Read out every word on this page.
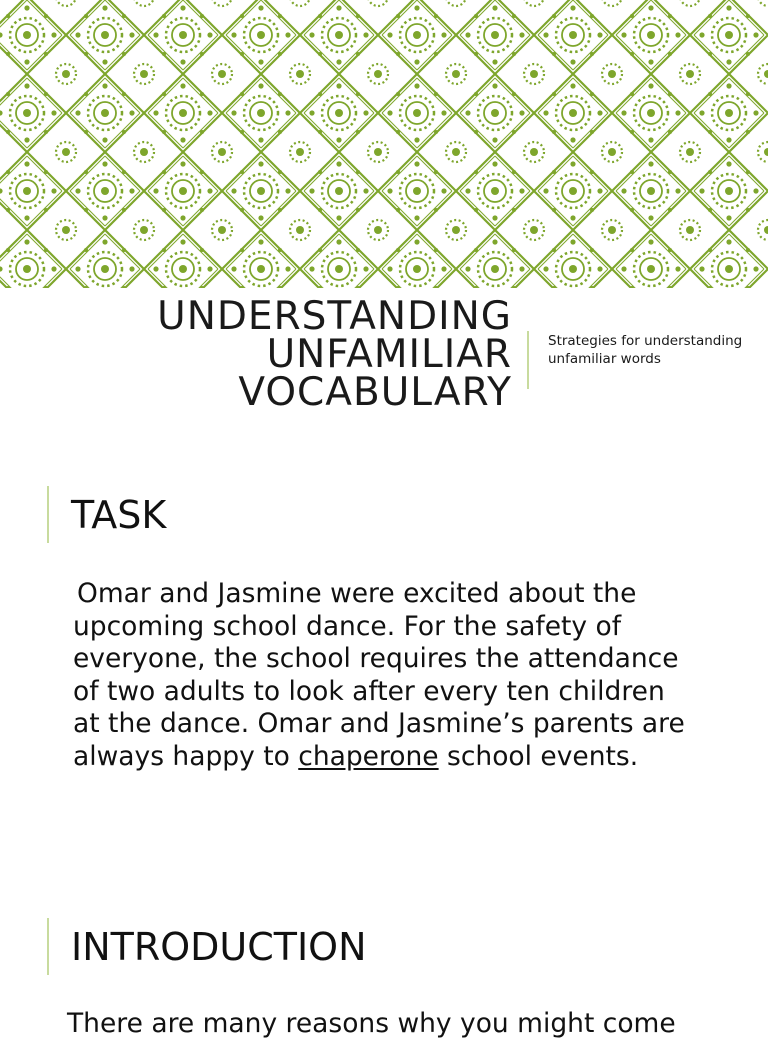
UNDERSTANDING
UNFAMILIAR
VOCABULARY
Strategies for understanding unfamiliar words
TASK
Omar and Jasmine were excited about the upcoming school dance. For the safety of everyone, the school requires the attendance of two adults to look after every ten children at the dance. Omar and Jasmine’s parents are always happy to chaperone school events.
INTRODUCTION
There are many reasons why you might come
